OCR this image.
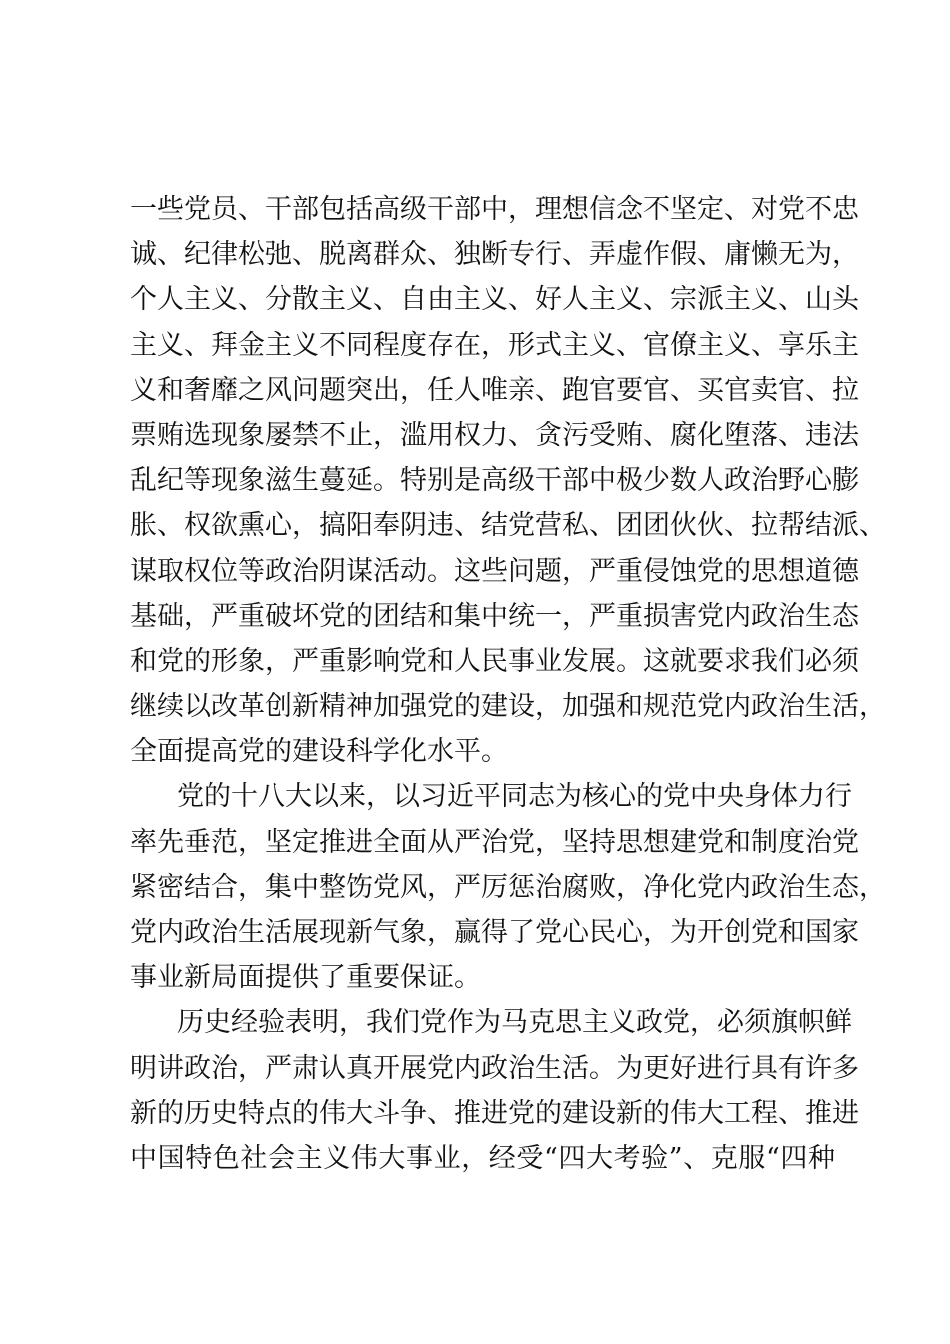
一些党员、干部包括高级干部中，理想信念不坚定、对党不忠
诚、纪律松弛、脱离群众、独断专行、弄虚作假、庸懒无为，
个人主义、分散主义、自由主义、好人主义、宗派主义、山头
主义、拜金主义不同程度存在，形式主义、官僚主义、享乐主
义和奢靡之风问题突出，任人唯亲、跑官要官、买官卖官、拉
票贿选现象屡禁不止，滥用权力、贪污受贿、腐化堕落、违法
乱纪等现象滋生蔓延。特别是高级干部中极少数人政治野心膨
胀、权欲熏心，搞阳奉阴违、结党营私、团团伙伙、拉帮结派、
谋取权位等政治阴谋活动。这些问题，严重侵蚀党的思想道德
基础，严重破坏党的团结和集中统一，严重损害党内政治生态
和党的形象，严重影响党和人民事业发展。这就要求我们必须
继续以改革创新精神加强党的建设，加强和规范党内政治生活，
全面提高党的建设科学化水平。
党的十八大以来，以习近平同志为核心的党中央身体力行
率先垂范，坚定推进全面从严治党，坚持思想建党和制度治党
紧密结合，集中整饬党风，严厉惩治腐败，净化党内政治生态，
党内政治生活展现新气象，赢得了党心民心，为开创党和国家
事业新局面提供了重要保证。
历史经验表明，我们党作为马克思主义政党，必须旗帜鲜
明讲政治，严肃认真开展党内政治生活。为更好进行具有许多
新的历史特点的伟大斗争、推进党的建设新的伟大工程、推进
中国特色社会主义伟大事业，经受“四大考验”、克服“四种
